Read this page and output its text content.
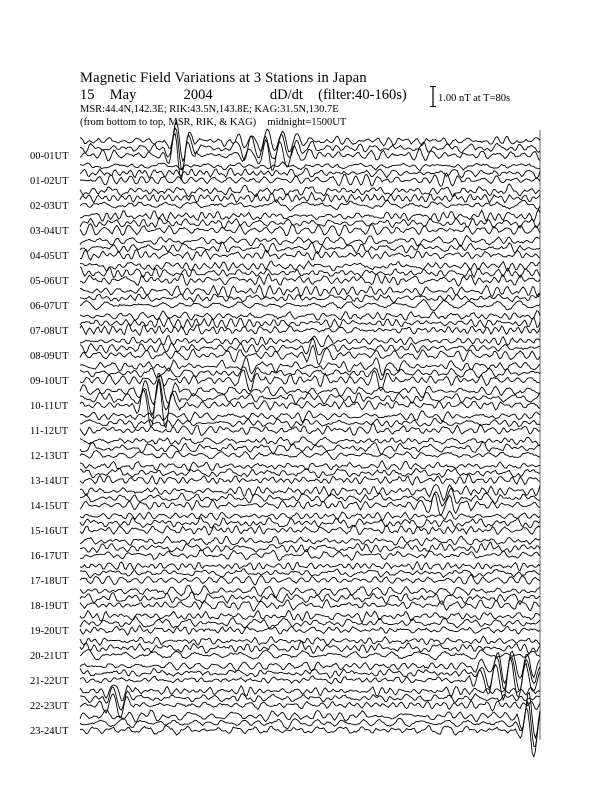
Magnetic Field Variations at 3 Stations in Japan
15 May	2004	dD/dt (filter:40-160s)
MSR:44.4N,142.3E; RIK:43.5N,143.8E; KAG:31.5N,130.7E
(from bottom to top, MSR, RIK, & KAG) midnight=1500UT
1.00 nT at T=80s
00-01UT
01-02UT
02-03UT
03-04UT
04-05UT
05-06UT
06-07UT
07-08UT
08-09UT
09-10UT
10-11UT
11-12UT
12-13UT
13-14UT
14-15UT
15-16UT
16-17UT
17-18UT
18-19UT
19-20UT
20-21UT
21-22UT
22-23UT
23-24UT
